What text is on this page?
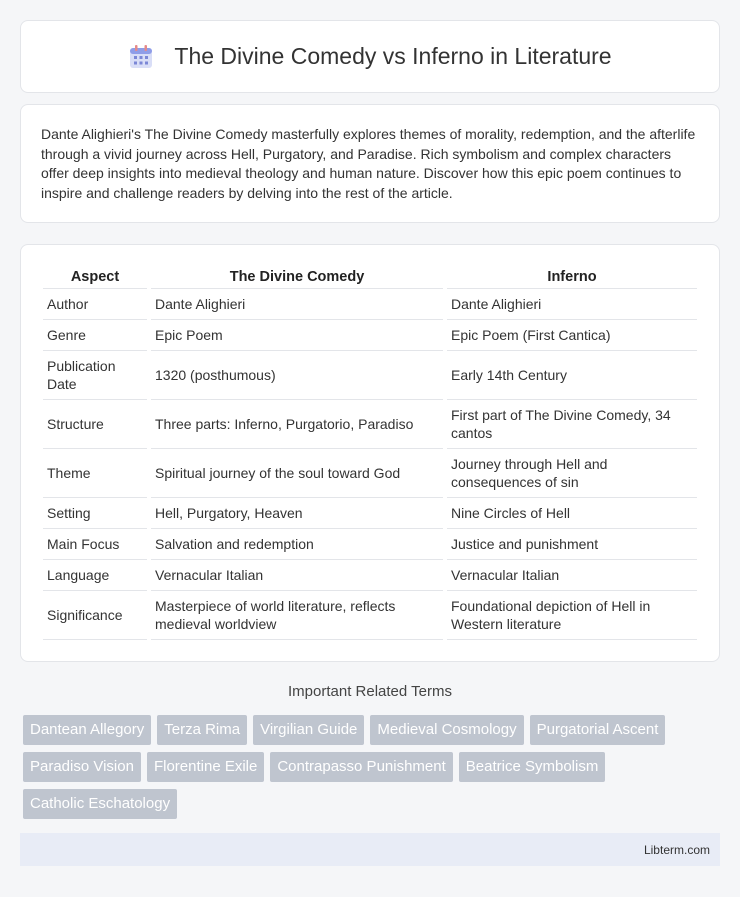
The Divine Comedy vs Inferno in Literature

Dante Alighieri's The Divine Comedy masterfully explores themes of morality, redemption, and the afterlife through a vivid journey across Hell, Purgatory, and Paradise. Rich symbolism and complex characters offer deep insights into medieval theology and human nature. Discover how this epic poem continues to inspire and challenge readers by delving into the rest of the article.

Aspect	The Divine Comedy	Inferno
Author	Dante Alighieri	Dante Alighieri
Genre	Epic Poem	Epic Poem (First Cantica)
Publication Date	1320 (posthumous)	Early 14th Century
Structure	Three parts: Inferno, Purgatorio, Paradiso	First part of The Divine Comedy, 34 cantos
Theme	Spiritual journey of the soul toward God	Journey through Hell and consequences of sin
Setting	Hell, Purgatory, Heaven	Nine Circles of Hell
Main Focus	Salvation and redemption	Justice and punishment
Language	Vernacular Italian	Vernacular Italian
Significance	Masterpiece of world literature, reflects medieval worldview	Foundational depiction of Hell in Western literature
Important Related Terms
Dantean Allegory	Terza Rima	Virgilian Guide	Medieval Cosmology	Purgatorial Ascent
Paradiso Vision	Florentine Exile	Contrapasso Punishment	Beatrice Symbolism
Catholic Eschatology
Libterm.com
